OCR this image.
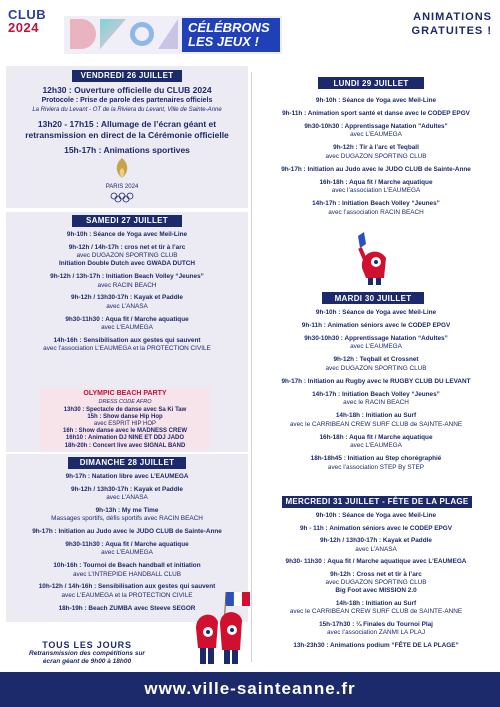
CLUB
2024	CÉLÉBRONS
LES JEUX !
ANIMATIONS
GRATUITES !
VENDREDI 26 JUILLET
12h30 : Ouverture officielle du CLUB 2024
Protocole : Prise de parole des partenaires officiels
La Riviera du Levant - OT de la Riviera du Levant, Ville de Sainte-Anne
13h20 - 17h15 : Allumage de l’écran géant et
retransmission en direct de la Cérémonie officielle
15h-17h : Animations sportives
PARIS 2024
SAMEDI 27 JUILLET
9h-10h : Séance de Yoga avec Meil-Line
9h-12h / 14h-17h : cros net et tir à l’arc
avec DUGAZON SPORTING CLUB
Initiation Double Dutch avec GWADA DUTCH
9h-12h / 13h-17h : Initiation Beach Volley “Jeunes”
avec RACIN BEACH
9h-12h / 13h30-17h : Kayak et Paddle
avec L’ANASA
9h30-11h30 : Aqua fit / Marche aquatique
avec L’EAUMEGA
14h-16h : Sensibilisation aux gestes qui sauvent
avec l’association L’EAUMEGA et la PROTECTION CIVILE
OLYMPIC BEACH PARTY
DRESS CODE AFRO
13h30 : Spectacle de danse avec Sa Ki Taw
15h : Show danse Hip Hop
avec ESPRIT HIP HOP
16h : Show danse avec le MADNESS CREW
16h10 : Animation DJ NINE ET DDJ JADO
18h-20h : Concert live avec SIGNAL BAND
DIMANCHE 28 JUILLET
9h-17h : Natation libre avec L’EAUMEGA
9h-12h / 13h30-17h : Kayak et Paddle
avec L’ANASA
9h-13h : My me Time
Massages sportifs, défis sportifs avec RACIN BEACH
9h-17h : Initiation au Judo avec le JUDO CLUB de Sainte-Anne
9h30-11h30 : Aqua fit / Marche aquatique
avec L’EAUMEGA
10h-16h : Tournoi de Beach handball et initiation
avec L’INTREPIDE HANDBALL CLUB
10h-12h / 14h-16h : Sensibilisation aux gestes qui sauvent
avec L’EAUMEGA et la PROTECTION CIVILE
18h-19h : Beach ZUMBA avec Steeve SEGOR
TOUS LES JOURS
Retransmission des compétitions sur
écran géant de 9h00 à 18h00
LUNDI 29 JUILLET
9h-10h : Séance de Yoga avec Meil-Line
9h-11h : Animation sport santé et danse avec le CODEP EPGV
9h30-10h30 : Apprentissage Natation "Adultes"
avec L’EAUMEGA
9h-12h : Tir à l’arc et Teqball
avec DUGAZON SPORTING CLUB
9h-17h : Initiation au Judo avec le JUDO CLUB de Sainte-Anne
16h-18h : Aqua fit / Marche aquatique
avec l’association L’EAUMEGA
14h-17h : Initiation Beach Volley “Jeunes”
avec l’association RACIN BEACH
MARDI 30 JUILLET
9h-10h : Séance de Yoga avec Meil-Line
9h-11h : Animation séniors avec le CODEP EPGV
9h30-10h30 : Apprentissage Natation “Adultes”
avec L’EAUMEGA
9h-12h : Teqball et Crossnet
avec DUGAZON SPORTING CLUB
9h-17h : Initiation au Rugby avec le RUGBY CLUB DU LEVANT
14h-17h : Initiation Beach Volley “Jeunes”
avec le RACIN BEACH
14h-18h : Initiation au Surf
avec le CARRIBEAN CREW SURF CLUB de SAINTE-ANNE
16h-18h : Aqua fit / Marche aquatique
avec L’EAUMEGA
18h-18h45 : Initiation au Step chorégraphié
avec l’association STEP By STEP
MERCREDI 31 JUILLET - FÊTE DE LA PLAGE
9h-10h : Séance de Yoga avec Meil-Line
9h - 11h : Animation séniors avec le CODEP EPGV
9h-12h / 13h30-17h : Kayak et Paddle
avec L’ANASA
9h30- 11h30 : Aqua fit / Marche aquatique avec L’EAUMEGA
9h-12h : Cross net et tir à l’arc
avec DUGAZON SPORTING CLUB
Big Foot avec MISSION 2.0
14h-18h : Initiation au Surf
avec le CARRIBEAN CREW SURF CLUB de SAINTE-ANNE
15h-17h30 : ¼ Finales du Tournoi Plaj
avec l’association ZANMI LA PLAJ
13h-23h30 : Animations podium “FÊTE DE LA PLAGE”
www.ville-sainteanne.fr
